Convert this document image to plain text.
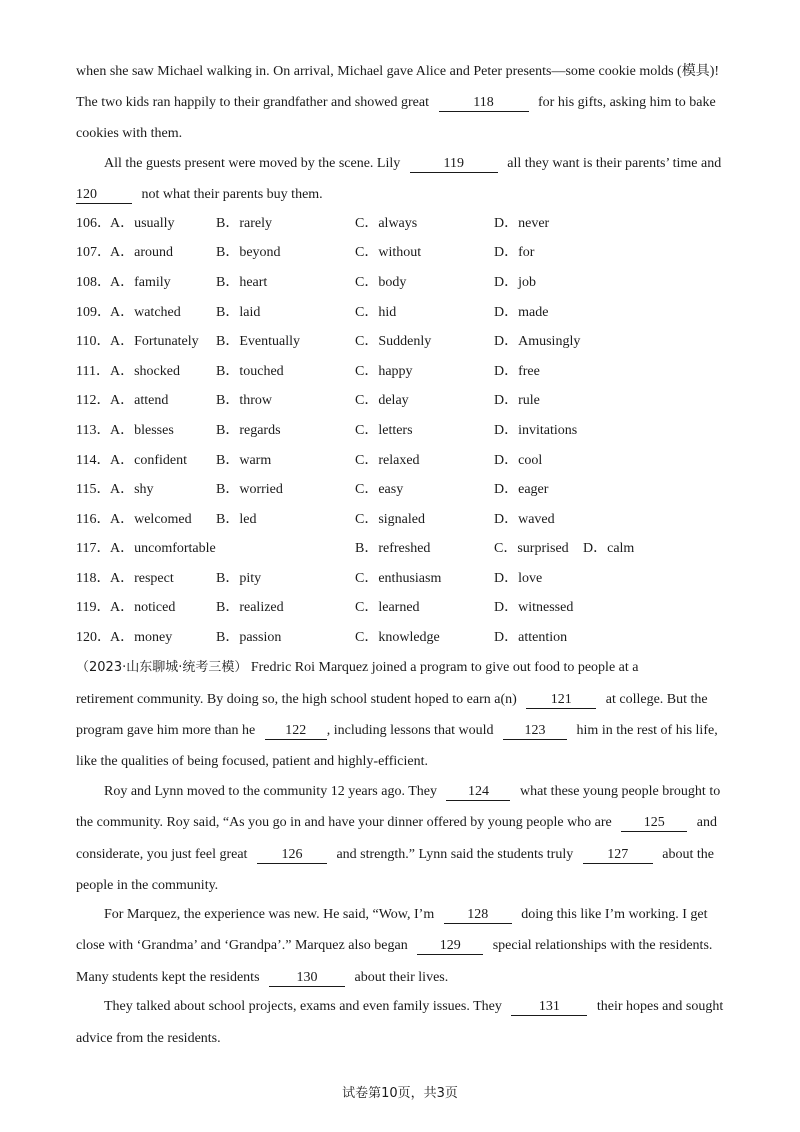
when she saw Michael walking in. On arrival, Michael gave Alice and Peter presents—some cookie molds (模具)!
The two kids ran happily to their grandfather and showed great	118	for his gifts, asking him to bake
cookies with them.
All the guests present were moved by the scene. Lily	119	all they want is their parents’ time and
120	not what their parents buy them.
106． A．usually	B．rarely	C．always	D．never
107． A．around	B．beyond	C．without	D．for
108． A．family	B．heart	C．body	D．job
109． A．watched	B．laid	C．hid	D．made
110． A．Fortunately B．Eventually	C．Suddenly	D．Amusingly
111． A．shocked	B．touched	C．happy	D．free
112． A．attend	B．throw	C．delay	D．rule
113． A．blesses	B．regards	C．letters	D．invitations
114． A．confident B．warm	C．relaxed	D．cool
115． A．shy	B．worried	C．easy	D．eager
116． A．welcomed B．led	C．signaled	D．waved
117． A．uncomfortable	B．refreshed	C．surprised D．calm
118． A．respect	B．pity	C．enthusiasm	D．love
119． A．noticed	B．realized	C．learned	D．witnessed
120． A．money	B．passion	C．knowledge	D．attention
（2023·山东聊城·统考三模） Fredric Roi Marquez joined a program to give out food to people at a
retirement community. By doing so, the high school student hoped to earn a(n) 121 at college. But the
program gave him more than he 122 , including lessons that would 123 him in the rest of his life,
like the qualities of being focused, patient and highly-efficient.
Roy and Lynn moved to the community 12 years ago. They 124 what these young people brought to
the community. Roy said, “As you go in and have your dinner offered by young people who are 125 and
considerate, you just feel great 126 and strength.” Lynn said the students truly 127 about the
people in the community.
For Marquez, the experience was new. He said, “Wow, I’m 128 doing this like I’m working. I get
close with ‘Grandma’ and ‘Grandpa’.” Marquez also began 129 special relationships with the residents.
Many students kept the residents	130	about their lives.
They talked about school projects, exams and even family issues. They	131	their hopes and sought
advice from the residents.
试卷第10页，共3页
